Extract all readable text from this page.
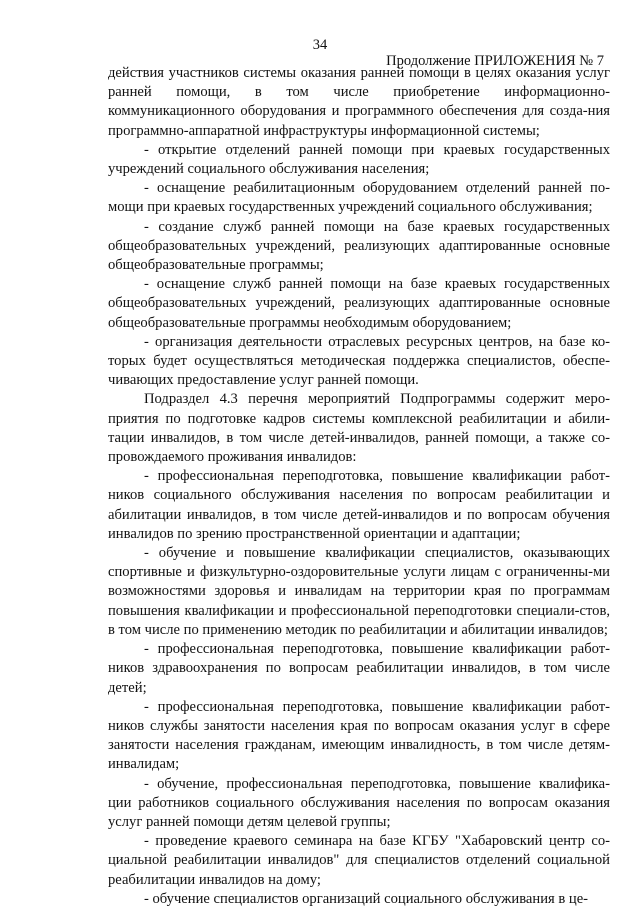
34
Продолжение ПРИЛОЖЕНИЯ № 7

действия участников системы оказания ранней помощи в целях оказания услуг ранней помощи, в том числе приобретение информационно-коммуникационного оборудования и программного обеспечения для созда-ния программно-аппаратной инфраструктуры информационной системы;

- открытие отделений ранней помощи при краевых государственных учреждений социального обслуживания населения;

- оснащение реабилитационным оборудованием отделений ранней по-мощи при краевых государственных учреждений социального обслуживания;

- создание служб ранней помощи на базе краевых государственных общеобразовательных учреждений, реализующих адаптированные основные общеобразовательные программы;

- оснащение служб ранней помощи на базе краевых государственных общеобразовательных учреждений, реализующих адаптированные основные общеобразовательные программы необходимым оборудованием;

- организация деятельности отраслевых ресурсных центров, на базе ко-торых будет осуществляться методическая поддержка специалистов, обеспе-чивающих предоставление услуг ранней помощи.

Подраздел 4.3 перечня мероприятий Подпрограммы содержит меро-приятия по подготовке кадров системы комплексной реабилитации и абили-тации инвалидов, в том числе детей-инвалидов, ранней помощи, а также со-провождаемого проживания инвалидов:

- профессиональная переподготовка, повышение квалификации работ-ников социального обслуживания населения по вопросам реабилитации и абилитации инвалидов, в том числе детей-инвалидов и по вопросам обучения инвалидов по зрению пространственной ориентации и адаптации;

- обучение и повышение квалификации специалистов, оказывающих спортивные и физкультурно-оздоровительные услуги лицам с ограниченны-ми возможностями здоровья и инвалидам на территории края по программам повышения квалификации и профессиональной переподготовки специали-стов, в том числе по применению методик по реабилитации и абилитации инвалидов;

- профессиональная переподготовка, повышение квалификации работ-ников здравоохранения по вопросам реабилитации инвалидов, в том числе детей;

- профессиональная переподготовка, повышение квалификации работ-ников службы занятости населения края по вопросам оказания услуг в сфере занятости населения гражданам, имеющим инвалидность, в том числе детям-инвалидам;

- обучение, профессиональная переподготовка, повышение квалифика-ции работников социального обслуживания населения по вопросам оказания услуг ранней помощи детям целевой группы;

- проведение краевого семинара на базе КГБУ "Хабаровский центр со-циальной реабилитации инвалидов" для специалистов отделений социальной реабилитации инвалидов на дому;

- обучение специалистов организаций социального обслуживания в це-
